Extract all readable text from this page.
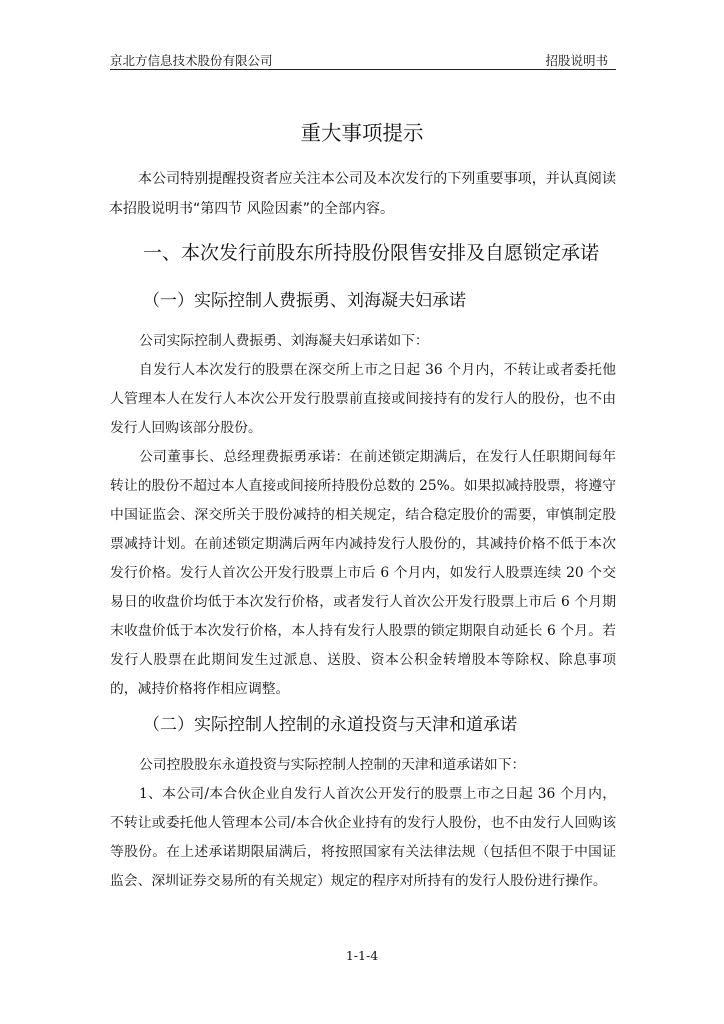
京北方信息技术股份有限公司	招股说明书
重大事项提示
本公司特别提醒投资者应关注本公司及本次发行的下列重要事项，并认真阅读本招股说明书“第四节 风险因素”的全部内容。
一、本次发行前股东所持股份限售安排及自愿锁定承诺
（一）实际控制人费振勇、刘海凝夫妇承诺
公司实际控制人费振勇、刘海凝夫妇承诺如下：
自发行人本次发行的股票在深交所上市之日起 36 个月内，不转让或者委托他人管理本人在发行人本次公开发行股票前直接或间接持有的发行人的股份，也不由发行人回购该部分股份。
公司董事长、总经理费振勇承诺：在前述锁定期满后，在发行人任职期间每年转让的股份不超过本人直接或间接所持股份总数的 25%。如果拟减持股票，将遵守中国证监会、深交所关于股份减持的相关规定，结合稳定股价的需要，审慎制定股票减持计划。在前述锁定期满后两年内减持发行人股份的，其减持价格不低于本次发行价格。发行人首次公开发行股票上市后 6 个月内，如发行人股票连续 20 个交易日的收盘价均低于本次发行价格，或者发行人首次公开发行股票上市后 6 个月期末收盘价低于本次发行价格，本人持有发行人股票的锁定期限自动延长 6 个月。若发行人股票在此期间发生过派息、送股、资本公积金转增股本等除权、除息事项的，减持价格将作相应调整。
（二）实际控制人控制的永道投资与天津和道承诺
公司控股股东永道投资与实际控制人控制的天津和道承诺如下：
1、本公司/本合伙企业自发行人首次公开发行的股票上市之日起 36 个月内，不转让或委托他人管理本公司/本合伙企业持有的发行人股份，也不由发行人回购该等股份。在上述承诺期限届满后，将按照国家有关法律法规（包括但不限于中国证监会、深圳证券交易所的有关规定）规定的程序对所持有的发行人股份进行操作。
1-1-4
